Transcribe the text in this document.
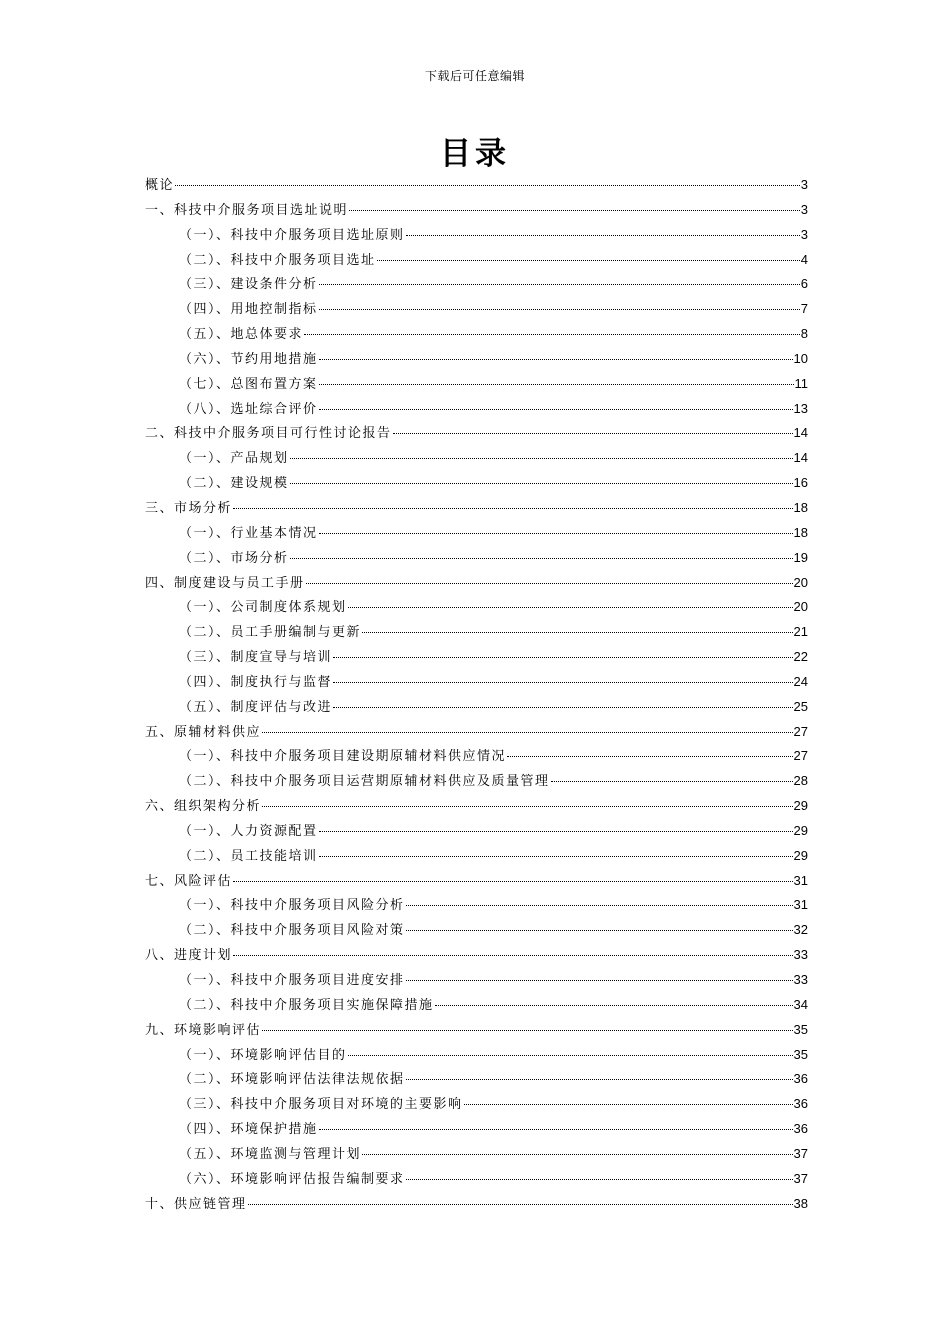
下载后可任意编辑
目录
概论	3
一、科技中介服务项目选址说明	3
（一）、科技中介服务项目选址原则	3
（二）、科技中介服务项目选址	4
（三）、建设条件分析	6
（四）、用地控制指标	7
（五）、地总体要求	8
（六）、节约用地措施	10
（七）、总图布置方案	11
（八）、选址综合评价	13
二、科技中介服务项目可行性讨论报告	14
（一）、产品规划	14
（二）、建设规模	16
三、市场分析	18
（一）、行业基本情况	18
（二）、市场分析	19
四、制度建设与员工手册	20
（一）、公司制度体系规划	20
（二）、员工手册编制与更新	21
（三）、制度宣导与培训	22
（四）、制度执行与监督	24
（五）、制度评估与改进	25
五、原辅材料供应	27
（一）、科技中介服务项目建设期原辅材料供应情况	27
（二）、科技中介服务项目运营期原辅材料供应及质量管理	28
六、组织架构分析	29
（一）、人力资源配置	29
（二）、员工技能培训	29
七、风险评估	31
（一）、科技中介服务项目风险分析	31
（二）、科技中介服务项目风险对策	32
八、进度计划	33
（一）、科技中介服务项目进度安排	33
（二）、科技中介服务项目实施保障措施	34
九、环境影响评估	35
（一）、环境影响评估目的	35
（二）、环境影响评估法律法规依据	36
（三）、科技中介服务项目对环境的主要影响	36
（四）、环境保护措施	36
（五）、环境监测与管理计划	37
（六）、环境影响评估报告编制要求	37
十、供应链管理	38
